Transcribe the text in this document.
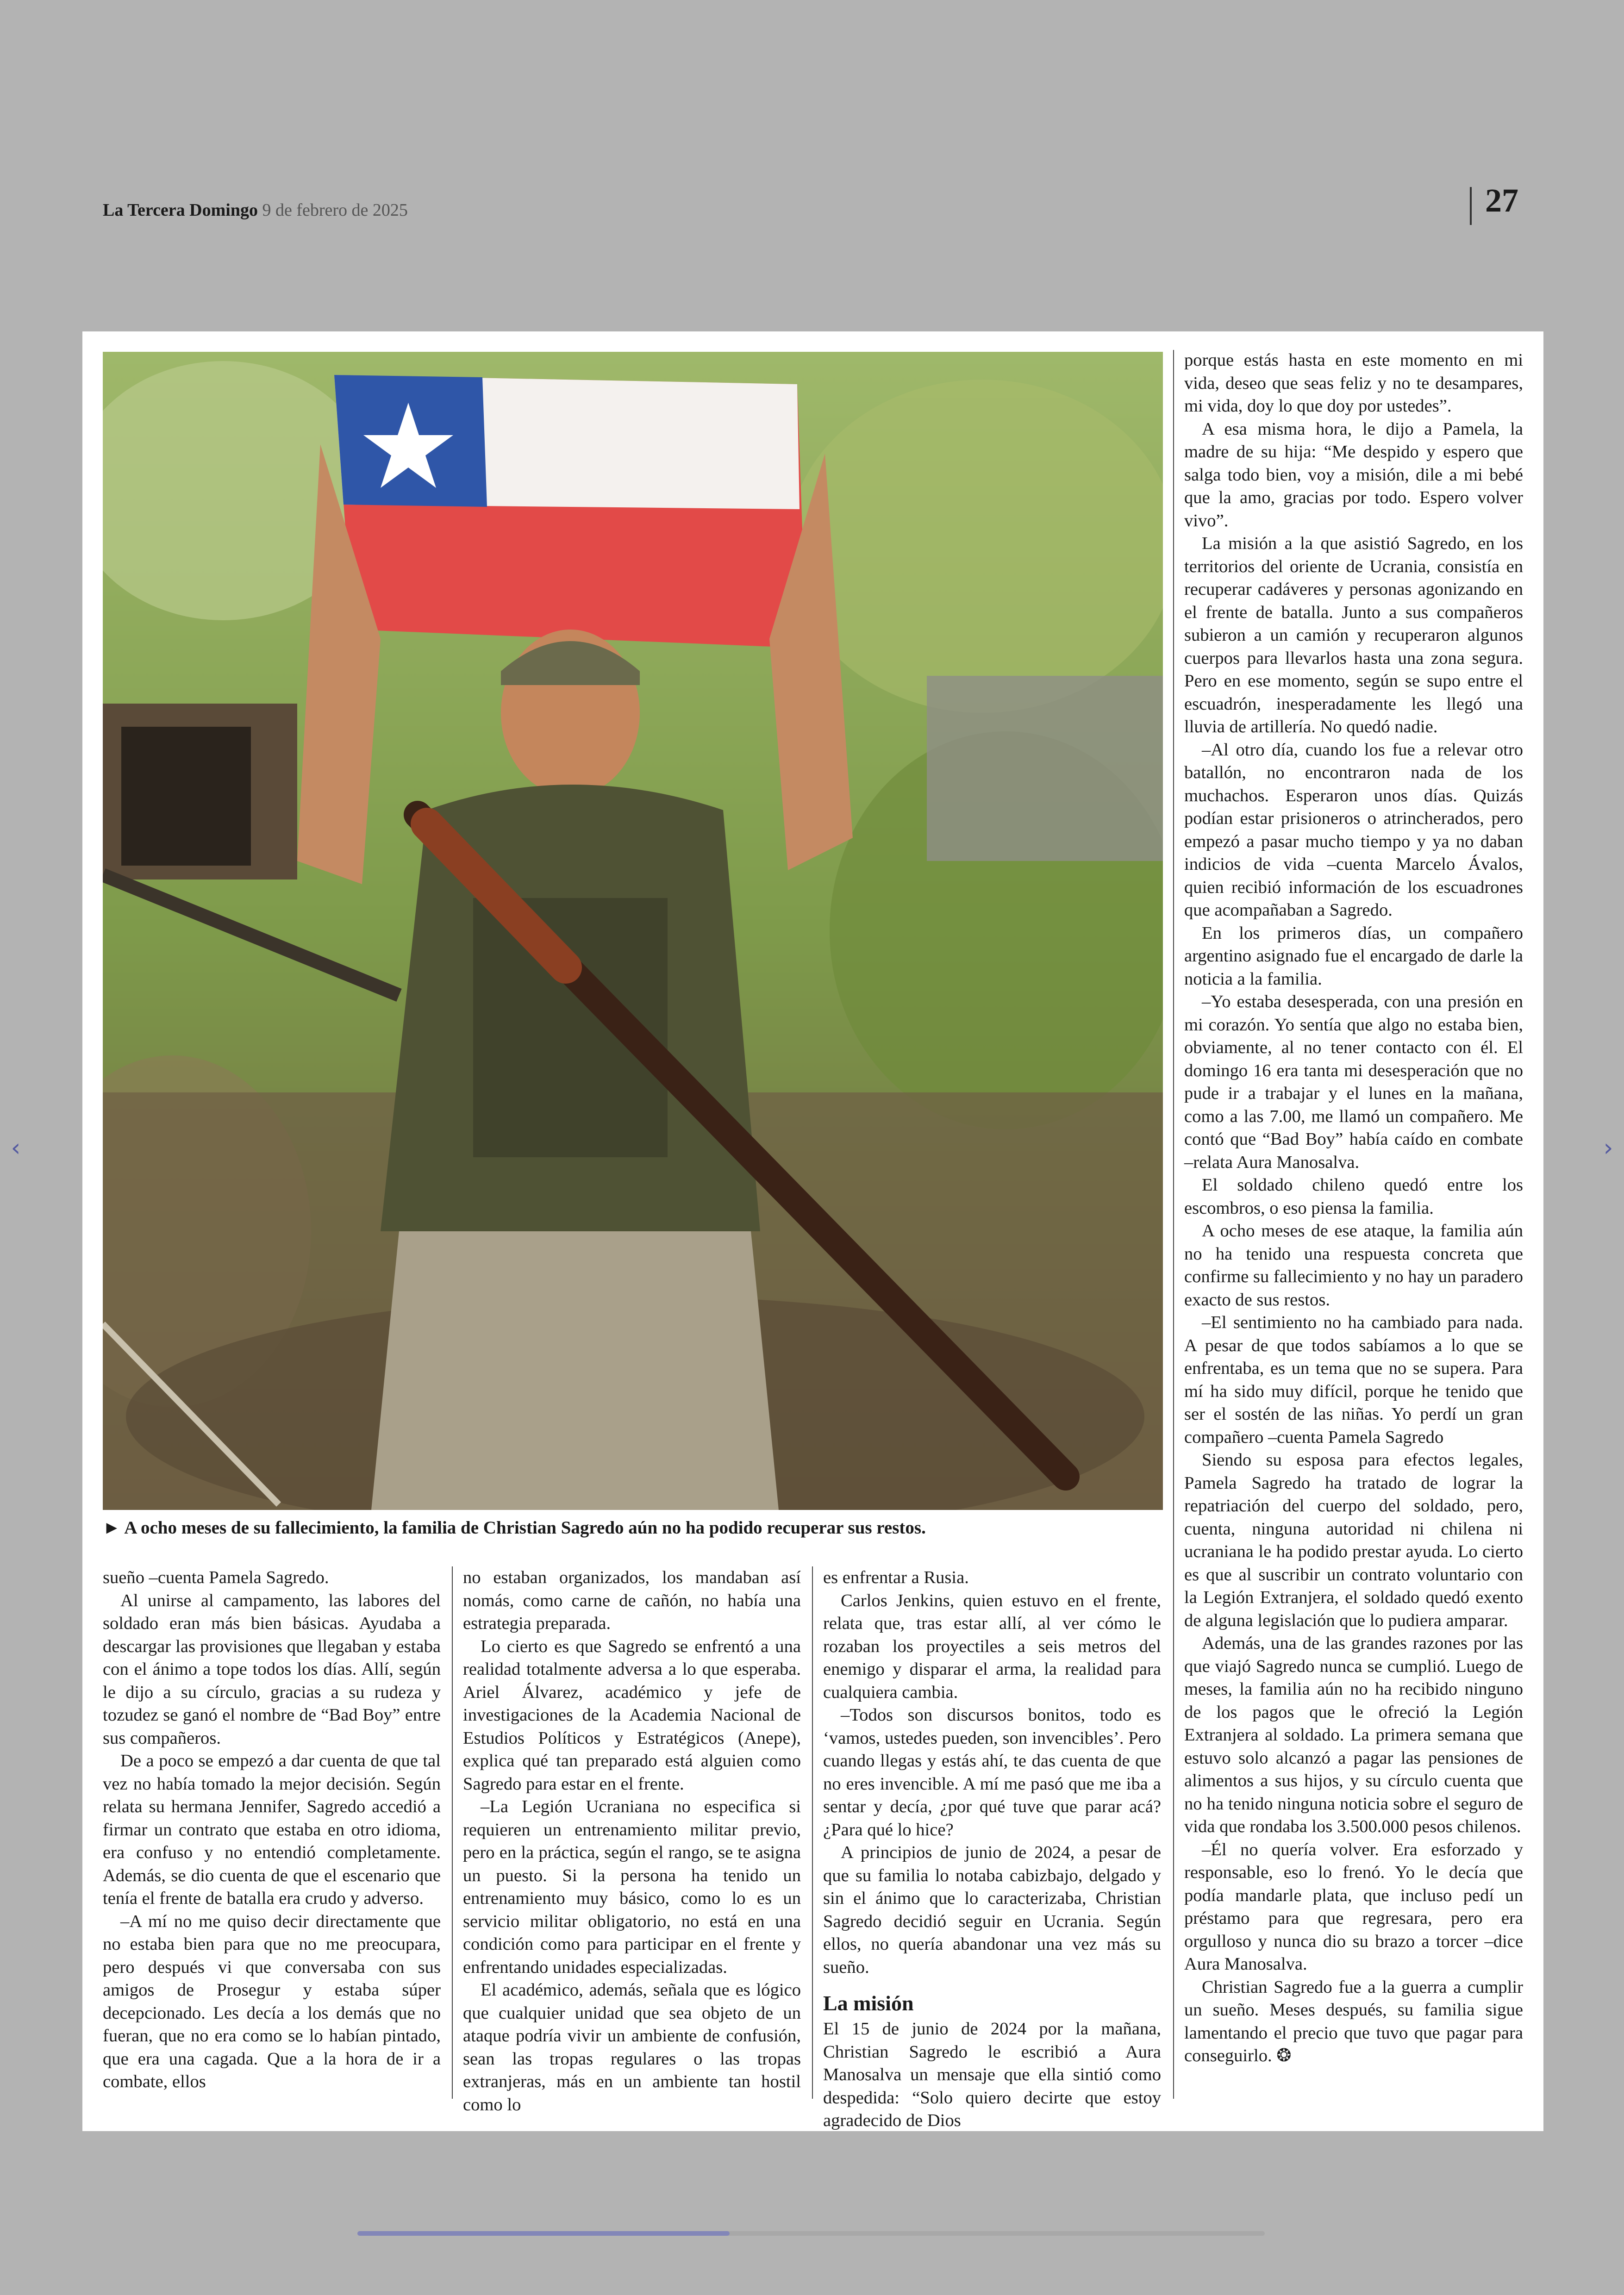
La Tercera Domingo 9 de febrero de 2025	27
‹	›
► A ocho meses de su fallecimiento, la familia de Christian Sagredo aún no ha podido recuperar sus restos.

sueño –cuenta Pamela Sagredo.

Al unirse al campamento, las labores del soldado eran más bien básicas. Ayudaba a descargar las provisiones que llegaban y estaba con el ánimo a tope todos los días. Allí, según le dijo a su círculo, gracias a su rudeza y tozudez se ganó el nombre de “Bad Boy” entre sus compañeros.

De a poco se empezó a dar cuenta de que tal vez no había tomado la mejor decisión. Según relata su hermana Jennifer, Sagredo accedió a firmar un contrato que estaba en otro idioma, era confuso y no entendió completamente. Además, se dio cuenta de que el escenario que tenía el frente de batalla era crudo y adverso.

–A mí no me quiso decir directamente que no estaba bien para que no me preocupara, pero después vi que conversaba con sus amigos de Prosegur y estaba súper decepcionado. Les decía a los demás que no fueran, que no era como se lo habían pintado, que era una cagada. Que a la hora de ir a combate, ellos

no estaban organizados, los mandaban así nomás, como carne de cañón, no había una estrategia preparada.

Lo cierto es que Sagredo se enfrentó a una realidad totalmente adversa a lo que esperaba. Ariel Álvarez, académico y jefe de investigaciones de la Academia Nacional de Estudios Políticos y Estratégicos (Anepe), explica qué tan preparado está alguien como Sagredo para estar en el frente.

–La Legión Ucraniana no especifica si requieren un entrenamiento militar previo, pero en la práctica, según el rango, se te asigna un puesto. Si la persona ha tenido un entrenamiento muy básico, como lo es un servicio militar obligatorio, no está en una condición como para participar en el frente y enfrentando unidades especializadas.

El académico, además, señala que es lógico que cualquier unidad que sea objeto de un ataque podría vivir un ambiente de confusión, sean las tropas regulares o las tropas extranjeras, más en un ambiente tan hostil como lo

es enfrentar a Rusia.

Carlos Jenkins, quien estuvo en el frente, relata que, tras estar allí, al ver cómo le rozaban los proyectiles a seis metros del enemigo y disparar el arma, la realidad para cualquiera cambia.

–Todos son discursos bonitos, todo es ‘vamos, ustedes pueden, son invencibles’. Pero cuando llegas y estás ahí, te das cuenta de que no eres invencible. A mí me pasó que me iba a sentar y decía, ¿por qué tuve que parar acá? ¿Para qué lo hice?

A principios de junio de 2024, a pesar de que su familia lo notaba cabizbajo, delgado y sin el ánimo que lo caracterizaba, Christian Sagredo decidió seguir en Ucrania. Según ellos, no quería abandonar una vez más su sueño.

La misión

El 15 de junio de 2024 por la mañana, Christian Sagredo le escribió a Aura Manosalva un mensaje que ella sintió como despedida: “Solo quiero decirte que estoy agradecido de Dios

porque estás hasta en este momento en mi vida, deseo que seas feliz y no te desampares, mi vida, doy lo que doy por ustedes”.

A esa misma hora, le dijo a Pamela, la madre de su hija: “Me despido y espero que salga todo bien, voy a misión, dile a mi bebé que la amo, gracias por todo. Espero volver vivo”.

La misión a la que asistió Sagredo, en los territorios del oriente de Ucrania, consistía en recuperar cadáveres y personas agonizando en el frente de batalla. Junto a sus compañeros subieron a un camión y recuperaron algunos cuerpos para llevarlos hasta una zona segura. Pero en ese momento, según se supo entre el escuadrón, inesperadamente les llegó una lluvia de artillería. No quedó nadie.

–Al otro día, cuando los fue a relevar otro batallón, no encontraron nada de los muchachos. Esperaron unos días. Quizás podían estar prisioneros o atrincherados, pero empezó a pasar mucho tiempo y ya no daban indicios de vida –cuenta Marcelo Ávalos, quien recibió información de los escuadrones que acompañaban a Sagredo.

En los primeros días, un compañero argentino asignado fue el encargado de darle la noticia a la familia.

–Yo estaba desesperada, con una presión en mi corazón. Yo sentía que algo no estaba bien, obviamente, al no tener contacto con él. El domingo 16 era tanta mi desesperación que no pude ir a trabajar y el lunes en la mañana, como a las 7.00, me llamó un compañero. Me contó que “Bad Boy” había caído en combate –relata Aura Manosalva.

El soldado chileno quedó entre los escombros, o eso piensa la familia.

A ocho meses de ese ataque, la familia aún no ha tenido una respuesta concreta que confirme su fallecimiento y no hay un paradero exacto de sus restos.

–El sentimiento no ha cambiado para nada. A pesar de que todos sabíamos a lo que se enfrentaba, es un tema que no se supera. Para mí ha sido muy difícil, porque he tenido que ser el sostén de las niñas. Yo perdí un gran compañero –cuenta Pamela Sagredo

Siendo su esposa para efectos legales, Pamela Sagredo ha tratado de lograr la repatriación del cuerpo del soldado, pero, cuenta, ninguna autoridad ni chilena ni ucraniana le ha podido prestar ayuda. Lo cierto es que al suscribir un contrato voluntario con la Legión Extranjera, el soldado quedó exento de alguna legislación que lo pudiera amparar.

Además, una de las grandes razones por las que viajó Sagredo nunca se cumplió. Luego de meses, la familia aún no ha recibido ninguno de los pagos que le ofreció la Legión Extranjera al soldado. La primera semana que estuvo solo alcanzó a pagar las pensiones de alimentos a sus hijos, y su círculo cuenta que no ha tenido ninguna noticia sobre el seguro de vida que rondaba los 3.500.000 pesos chilenos.

–Él no quería volver. Era esforzado y responsable, eso lo frenó. Yo le decía que podía mandarle plata, que incluso pedí un préstamo para que regresara, pero era orgulloso y nunca dio su brazo a torcer –dice Aura Manosalva.

Christian Sagredo fue a la guerra a cumplir un sueño. Meses después, su familia sigue lamentando el precio que tuvo que pagar para conseguirlo. ❂
